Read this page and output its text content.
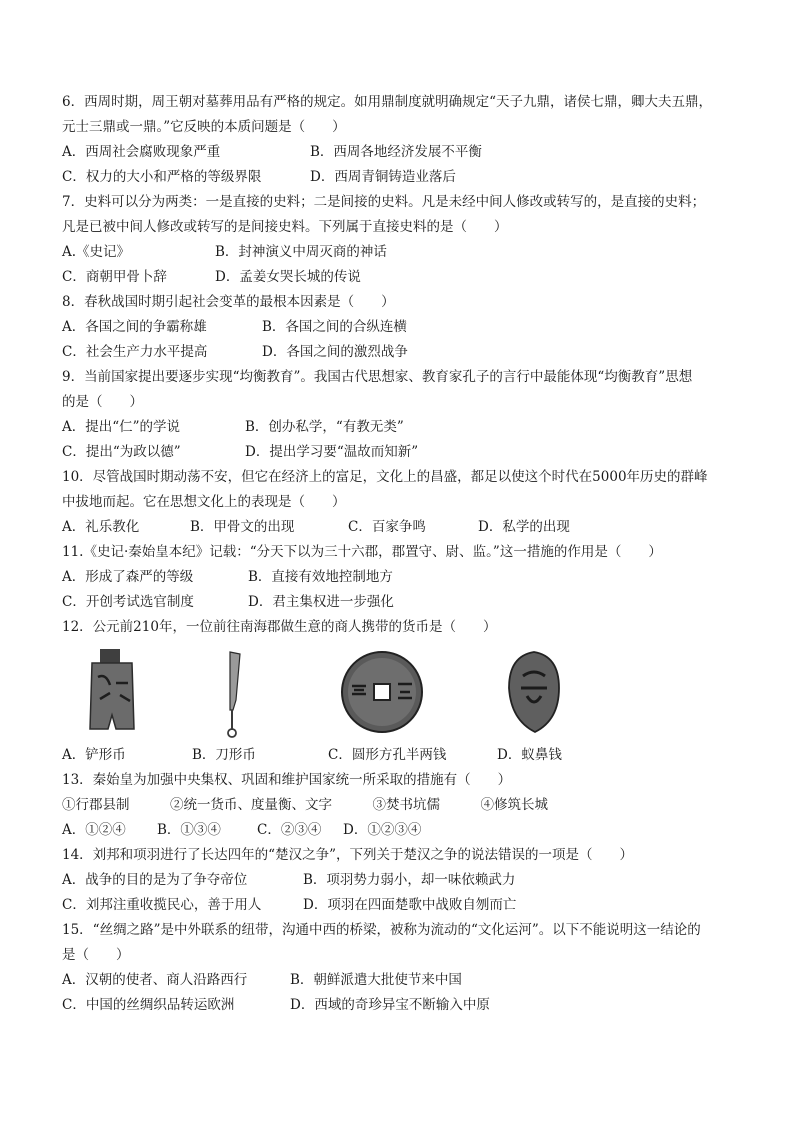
6．西周时期，周王朝对墓葬用品有严格的规定。如用鼎制度就明确规定“天子九鼎，诸侯七鼎，卿大夫五鼎，
元士三鼎或一鼎。”它反映的本质问题是（　　）
A．西周社会腐败现象严重	B．西周各地经济发展不平衡
C．权力的大小和严格的等级界限	D．西周青铜铸造业落后
7．史料可以分为两类：一是直接的史料；二是间接的史料。凡是未经中间人修改或转写的，是直接的史料；
凡是已被中间人修改或转写的是间接史料。下列属于直接史料的是（　　）
A.《史记》	B．封神演义中周灭商的神话
C．商朝甲骨卜辞	D．孟姜女哭长城的传说
8．春秋战国时期引起社会变革的最根本因素是（　　）
A．各国之间的争霸称雄	B．各国之间的合纵连横
C．社会生产力水平提高	D．各国之间的激烈战争
9．当前国家提出要逐步实现“均衡教育”。我国古代思想家、教育家孔子的言行中最能体现“均衡教育”思想
的是（　　）
A．提出“仁”的学说	B．创办私学，“有教无类”
C．提出“为政以德”	D．提出学习要“温故而知新”
10．尽管战国时期动荡不安，但它在经济上的富足，文化上的昌盛，都足以使这个时代在5000年历史的群峰
中拔地而起。它在思想文化上的表现是（　　）
A．礼乐教化	B．甲骨文的出现	C．百家争鸣	D．私学的出现
11.《史记·秦始皇本纪》记载：“分天下以为三十六郡，郡置守、尉、监。”这一措施的作用是（　　）
A．形成了森严的等级	B．直接有效地控制地方
C．开创考试选官制度	D．君主集权进一步强化
12．公元前210年，一位前往南海郡做生意的商人携带的货币是（　　）
A．铲形币	B．刀形币	C．圆形方孔半两钱	D．蚁鼻钱
13．秦始皇为加强中央集权、巩固和维护国家统一所采取的措施有（　　）
①行郡县制　　　②统一货币、度量衡、文字　　　③焚书坑儒　　　④修筑长城
A．①②④ B．①③④	C．②③④ D．①②③④
14．刘邦和项羽进行了长达四年的“楚汉之争”，下列关于楚汉之争的说法错误的一项是（　　）
A．战争的目的是为了争夺帝位	B．项羽势力弱小，却一味依赖武力
C．刘邦注重收揽民心，善于用人	D．项羽在四面楚歌中战败自刎而亡
15．“丝绸之路”是中外联系的纽带，沟通中西的桥梁，被称为流动的“文化运河”。以下不能说明这一结论的
是（　　）
A．汉朝的使者、商人沿路西行	B．朝鲜派遣大批使节来中国
C．中国的丝绸织品转运欧洲	D．西域的奇珍异宝不断输入中原
